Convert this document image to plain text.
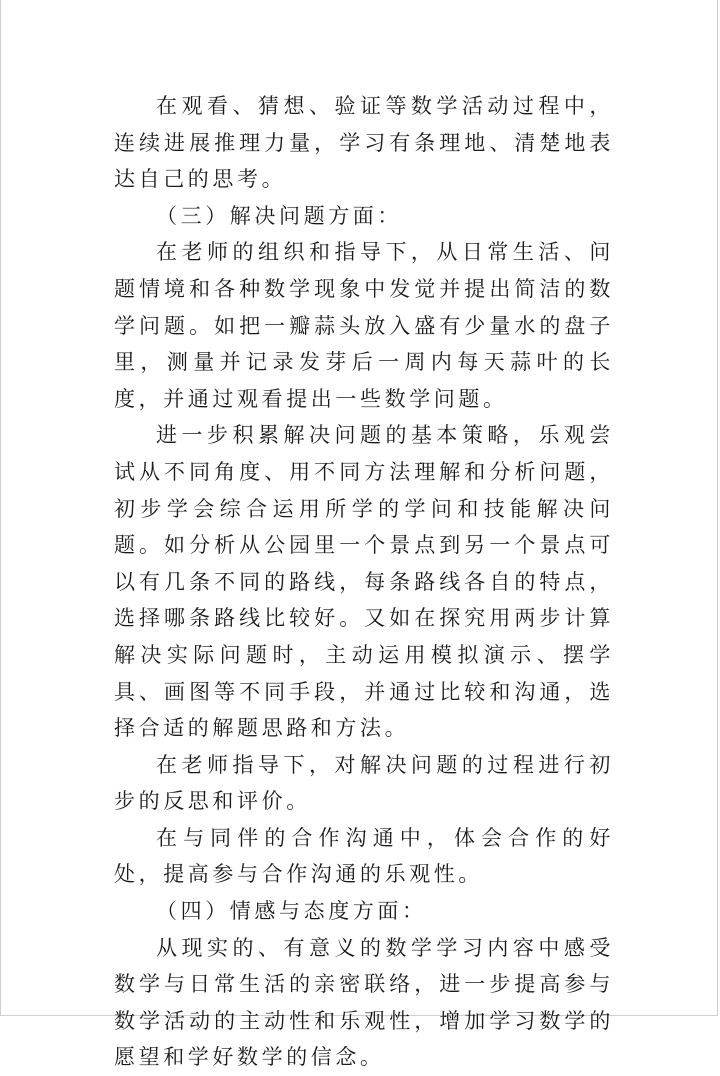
在观看、猜想、验证等数学活动过程中，连续进展推理力量，学习有条理地、清楚地表达自己的思考。

（三）解决问题方面：

在老师的组织和指导下，从日常生活、问题情境和各种数学现象中发觉并提出简洁的数学问题。如把一瓣蒜头放入盛有少量水的盘子里，测量并记录发芽后一周内每天蒜叶的长度，并通过观看提出一些数学问题。

进一步积累解决问题的基本策略，乐观尝试从不同角度、用不同方法理解和分析问题，初步学会综合运用所学的学问和技能解决问题。如分析从公园里一个景点到另一个景点可以有几条不同的路线，每条路线各自的特点，选择哪条路线比较好。又如在探究用两步计算解决实际问题时，主动运用模拟演示、摆学具、画图等不同手段，并通过比较和沟通，选择合适的解题思路和方法。

在老师指导下，对解决问题的过程进行初步的反思和评价。

在与同伴的合作沟通中，体会合作的好处，提高参与合作沟通的乐观性。

（四）情感与态度方面：

从现实的、有意义的数学学习内容中感受数学与日常生活的亲密联络，进一步提高参与数学活动的主动性和乐观性，增加学习数学的愿望和学好数学的信念。
